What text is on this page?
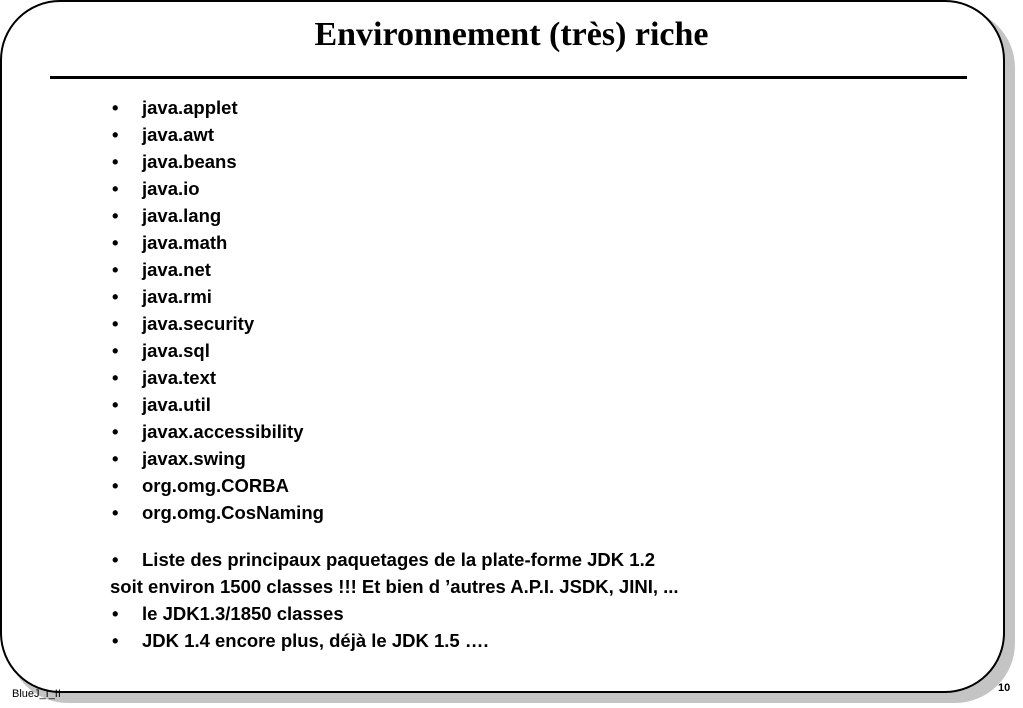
Environnement (très) riche
• java.applet
• java.awt
• java.beans
• java.io
• java.lang
• java.math
• java.net
• java.rmi
• java.security
• java.sql
• java.text
• java.util
• javax.accessibility
• javax.swing
• org.omg.CORBA
• org.omg.CosNaming
• Liste des principaux paquetages de la plate-forme JDK 1.2
soit environ 1500 classes !!! Et bien d ’autres A.P.I. JSDK, JINI, ...
• le JDK1.3/1850 classes
• JDK 1.4 encore plus, déjà le JDK 1.5 ….
BlueJ_I_II	10
